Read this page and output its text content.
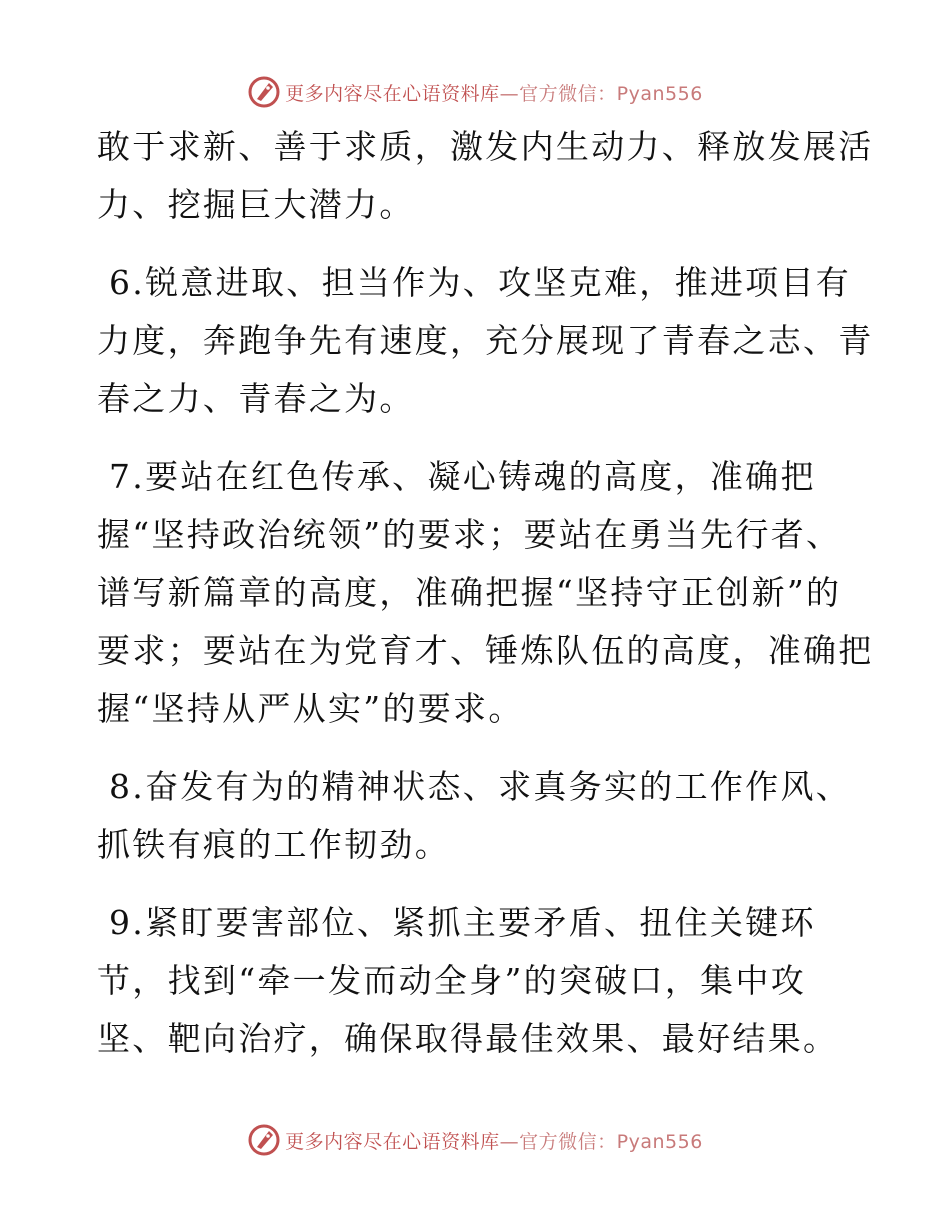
更多内容尽在心语资料库—官方微信：Pyan556

敢于求新、善于求质，激发内生动力、释放发展活
力、挖掘巨大潜力。

6.锐意进取、担当作为、攻坚克难，推进项目有
力度，奔跑争先有速度，充分展现了青春之志、青
春之力、青春之为。

7.要站在红色传承、凝心铸魂的高度，准确把
握“坚持政治统领”的要求；要站在勇当先行者、
谱写新篇章的高度，准确把握“坚持守正创新”的
要求；要站在为党育才、锤炼队伍的高度，准确把
握“坚持从严从实”的要求。

8.奋发有为的精神状态、求真务实的工作作风、
抓铁有痕的工作韧劲。

9.紧盯要害部位、紧抓主要矛盾、扭住关键环
节，找到“牵一发而动全身”的突破口，集中攻
坚、靶向治疗，确保取得最佳效果、最好结果。

更多内容尽在心语资料库—官方微信：Pyan556
